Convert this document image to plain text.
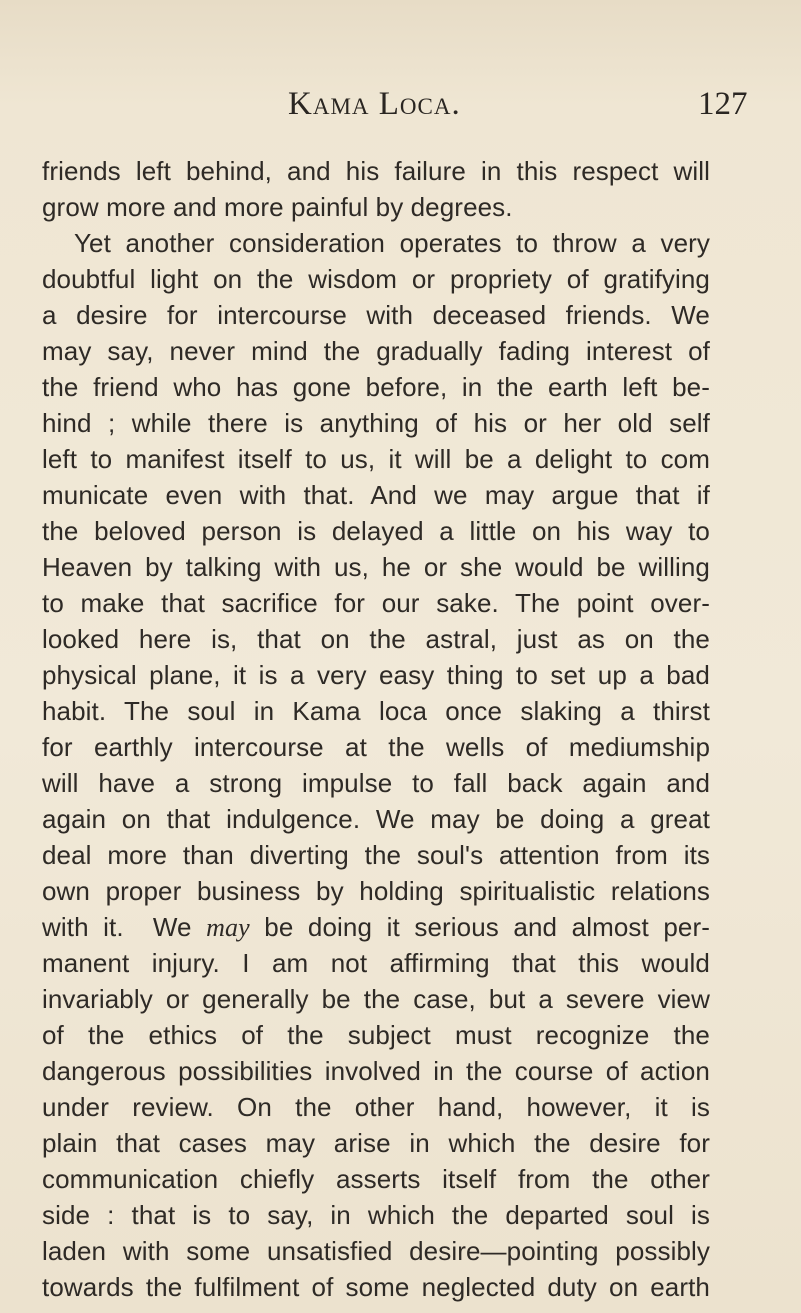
Kama Loca.	127
friends left behind, and his failure in this respect will
grow more and more painful by degrees.
Yet another consideration operates to throw a very
doubtful light on the wisdom or propriety of gratifying
a desire for intercourse with deceased friends. We
may say, never mind the gradually fading interest of
the friend who has gone before, in the earth left be-
hind ; while there is anything of his or her old self
left to manifest itself to us, it will be a delight to com
municate even with that. And we may argue that if
the beloved person is delayed a little on his way to
Heaven by talking with us, he or she would be willing
to make that sacrifice for our sake. The point over-
looked here is, that on the astral, just as on the
physical plane, it is a very easy thing to set up a bad
habit. The soul in Kama loca once slaking a thirst
for earthly intercourse at the wells of mediumship
will have a strong impulse to fall back again and
again on that indulgence. We may be doing a great
deal more than diverting the soul's attention from its
own proper business by holding spiritualistic relations
with it. We may be doing it serious and almost per-
manent injury. I am not affirming that this would
invariably or generally be the case, but a severe view
of the ethics of the subject must recognize the
dangerous possibilities involved in the course of action
under review. On the other hand, however, it is
plain that cases may arise in which the desire for
communication chiefly asserts itself from the other
side : that is to say, in which the departed soul is
laden with some unsatisfied desire—pointing possibly
towards the fulfilment of some neglected duty on earth
